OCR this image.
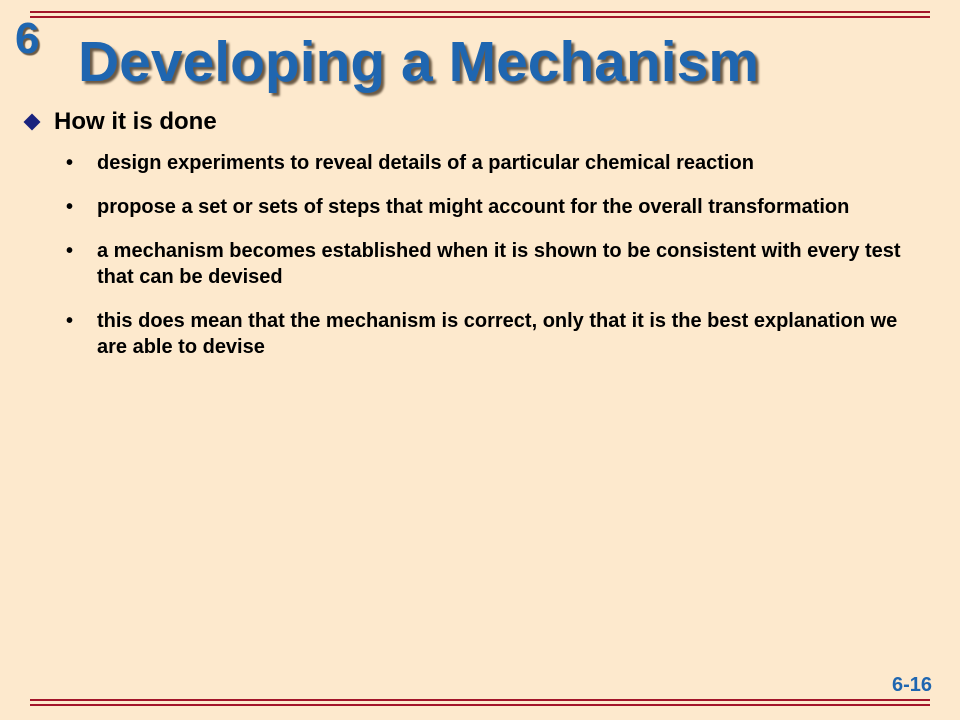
6 Developing a Mechanism
How it is done
• design experiments to reveal details of a particular chemical reaction
• propose a set or sets of steps that might account for the overall transformation
• a mechanism becomes established when it is shown to be consistent with every test that can be devised
• this does mean that the mechanism is correct, only that it is the best explanation we are able to devise
6-16
